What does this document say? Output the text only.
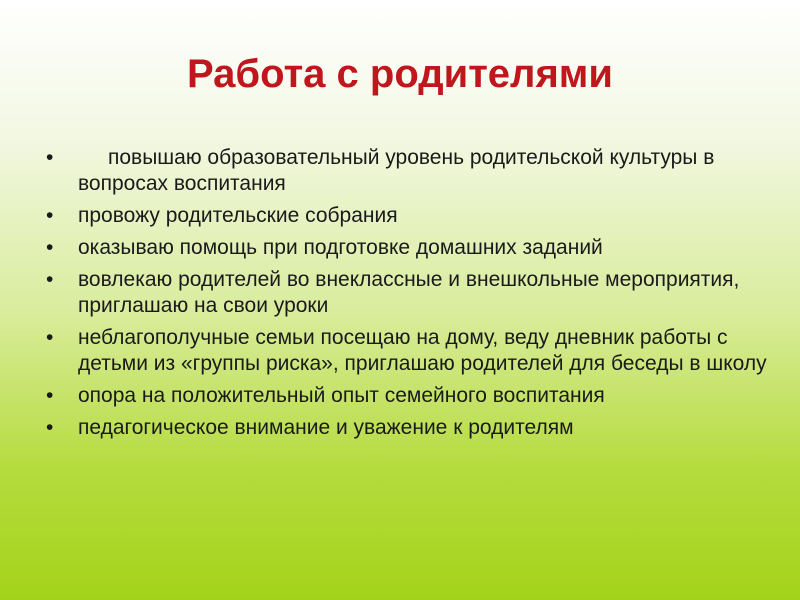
Работа с родителями
•	повышаю образовательный уровень родительской культуры в вопросах воспитания
• провожу родительские собрания
• оказываю помощь при подготовке домашних заданий
• вовлекаю родителей во внеклассные и внешкольные мероприятия, приглашаю на свои уроки
• неблагополучные семьи посещаю на дому, веду дневник работы с детьми из «группы риска», приглашаю родителей для беседы в школу
• опора на положительный опыт семейного воспитания
• педагогическое внимание и уважение к родителям
